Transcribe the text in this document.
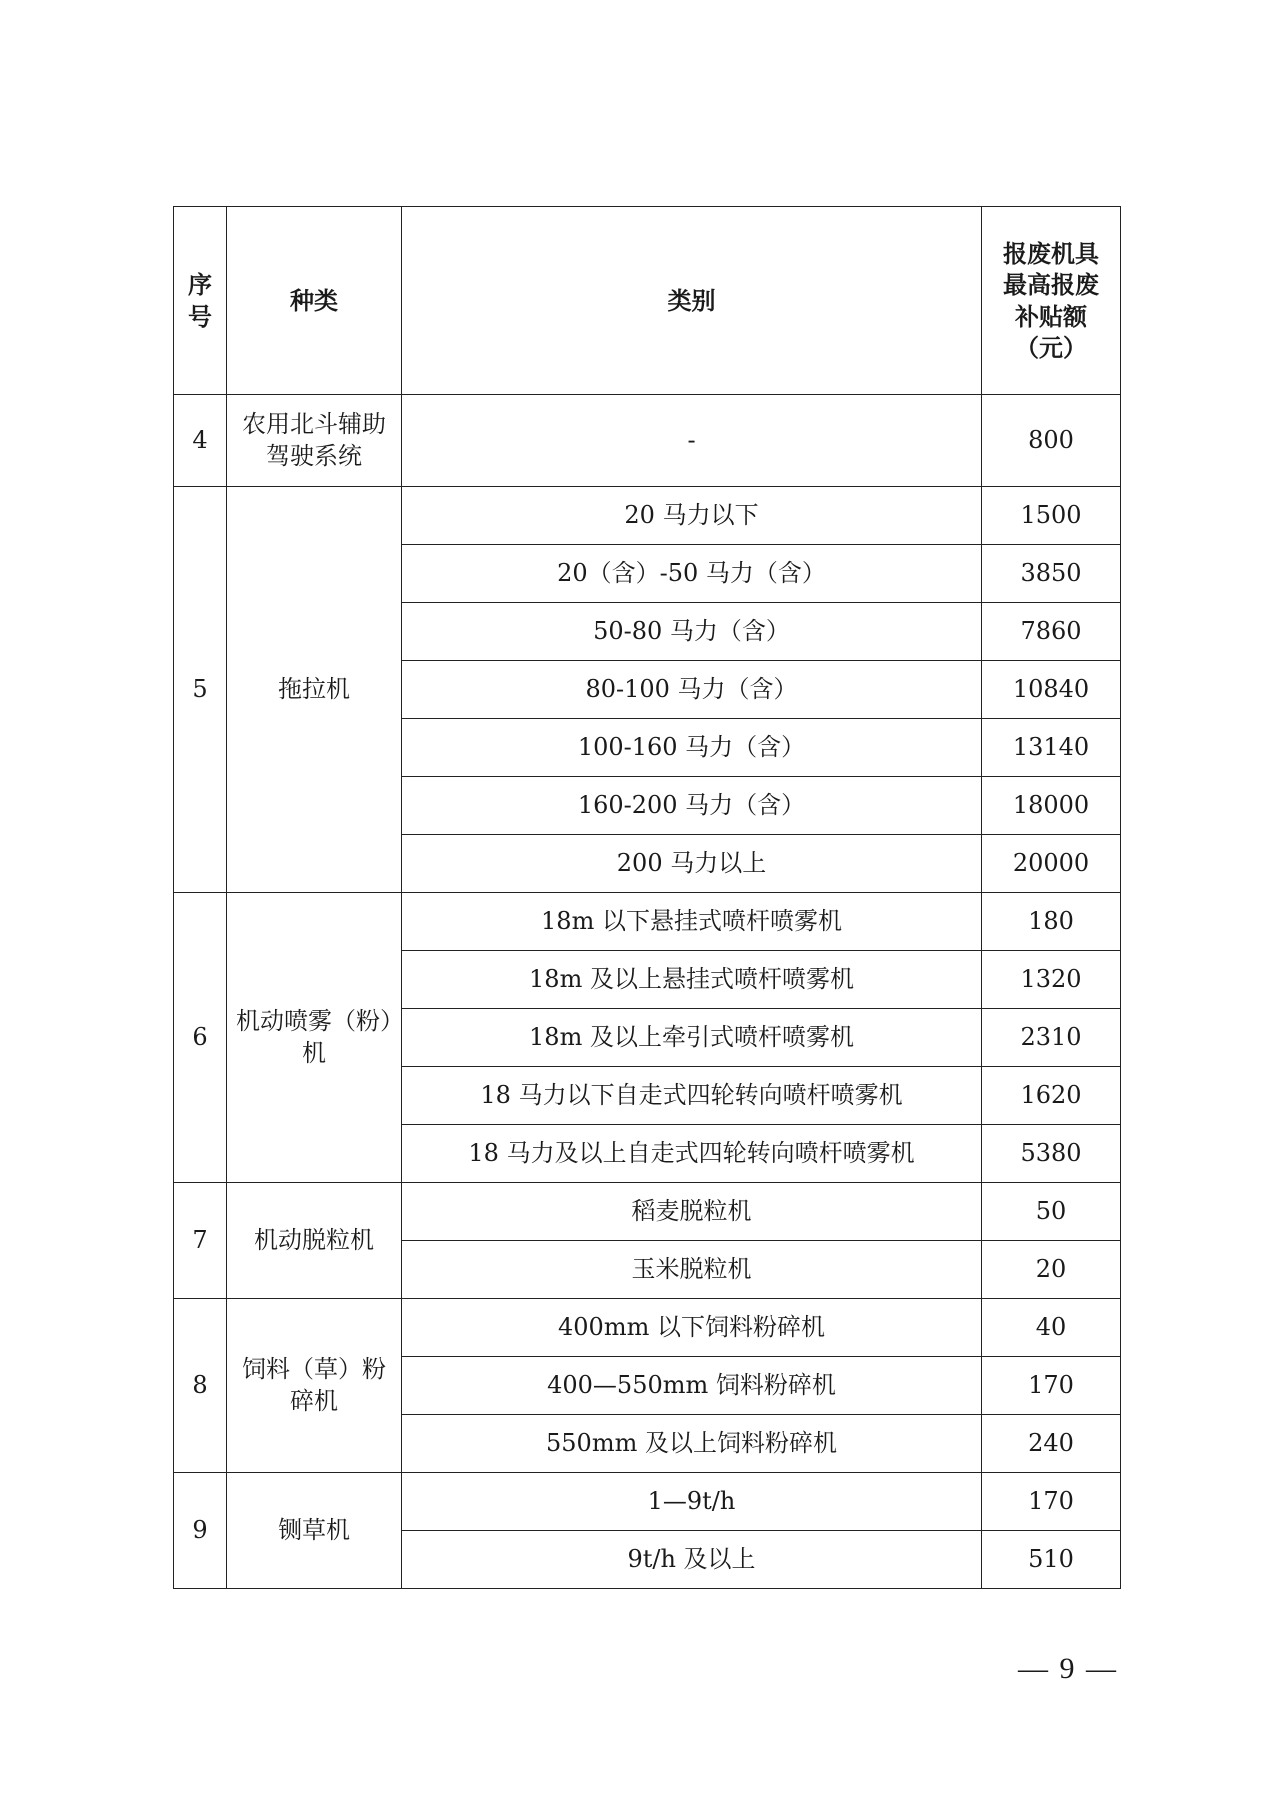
序
号	种类	类别	报废机具
最高报废
补贴额
（元）

4	农用北斗辅助驾驶系统	-	800
5	拖拉机	20 马力以下	1500
		20（含）-50 马力（含）	3850
		50-80 马力（含）	7860
		80-100 马力（含）	10840
		100-160 马力（含）	13140
		160-200 马力（含）	18000
		200 马力以上	20000
6	机动喷雾（粉）机	18m 以下悬挂式喷杆喷雾机	180
		18m 及以上悬挂式喷杆喷雾机	1320
		18m 及以上牵引式喷杆喷雾机	2310
		18 马力以下自走式四轮转向喷杆喷雾机	1620
		18 马力及以上自走式四轮转向喷杆喷雾机	5380
7	机动脱粒机	稻麦脱粒机	50
		玉米脱粒机	20
8	饲料（草）粉碎机	400mm 以下饲料粉碎机	40
		400—550mm 饲料粉碎机	170
		550mm 及以上饲料粉碎机	240
9	铡草机	1—9t/h	170
		9t/h 及以上	510
— 9 —
